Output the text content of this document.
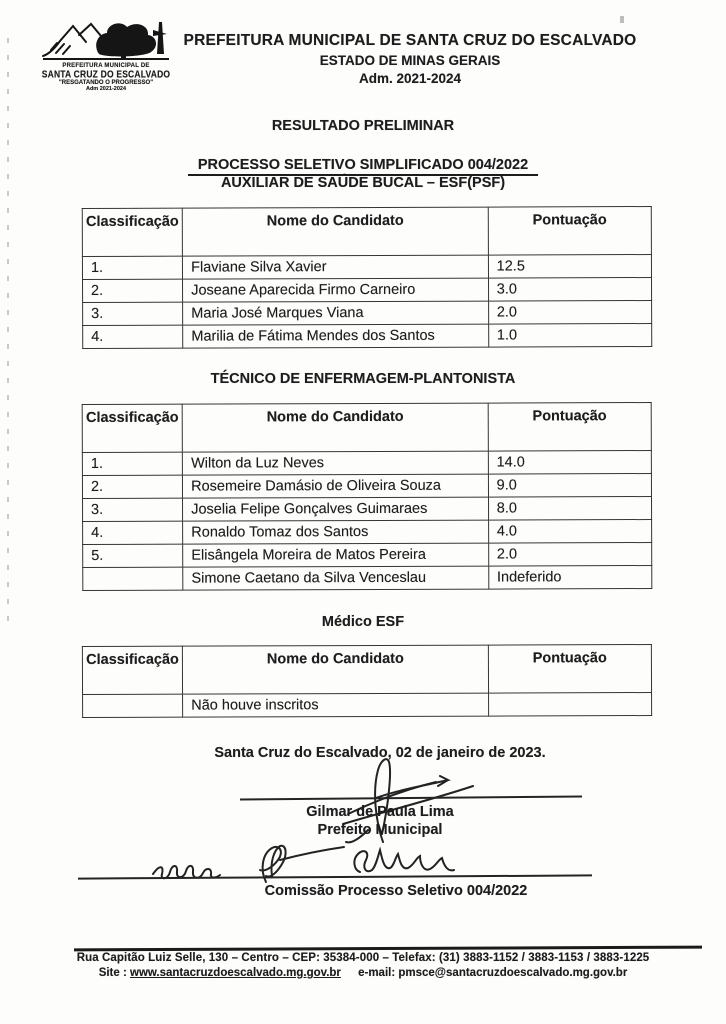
PREFEITURA MUNICIPAL DE
SANTA CRUZ DO ESCALVADO
"RESGATANDO O PROGRESSO"
Adm 2021-2024
PREFEITURA MUNICIPAL DE SANTA CRUZ DO ESCALVADO
ESTADO DE MINAS GERAIS
Adm. 2021-2024
RESULTADO PRELIMINAR

PROCESSO SELETIVO SIMPLIFICADO 004/2022
AUXILIAR DE SAÚDE BUCAL – ESF(PSF)
Classificação	Nome do Candidato	Pontuação
1.	Flaviane Silva Xavier	12.5
2.	Joseane Aparecida Firmo Carneiro	3.0
3.	Maria José Marques Viana	2.0
4.	Marilia de Fátima Mendes dos Santos	1.0
TÉCNICO DE ENFERMAGEM-PLANTONISTA
Classificação	Nome do Candidato	Pontuação
1.	Wilton da Luz Neves	14.0
2.	Rosemeire Damásio de Oliveira Souza	9.0
3.	Joselia Felipe Gonçalves Guimaraes	8.0
4.	Ronaldo Tomaz dos Santos	4.0
5.	Elisângela Moreira de Matos Pereira	2.0
	Simone Caetano da Silva Venceslau	Indeferido
Médico ESF
Classificação	Nome do Candidato	Pontuação
	Não houve inscritos	
Santa Cruz do Escalvado, 02 de janeiro de 2023.
Gilmar de Paula Lima
Prefeito Municipal
Comissão Processo Seletivo 004/2022
Rua Capitão Luiz Selle, 130 – Centro – CEP: 35384-000 – Telefax: (31) 3883-1152 / 3883-1153 / 3883-1225
Site : www.santacruzdoescalvado.mg.gov.br e-mail: pmsce@santacruzdoescalvado.mg.gov.br
